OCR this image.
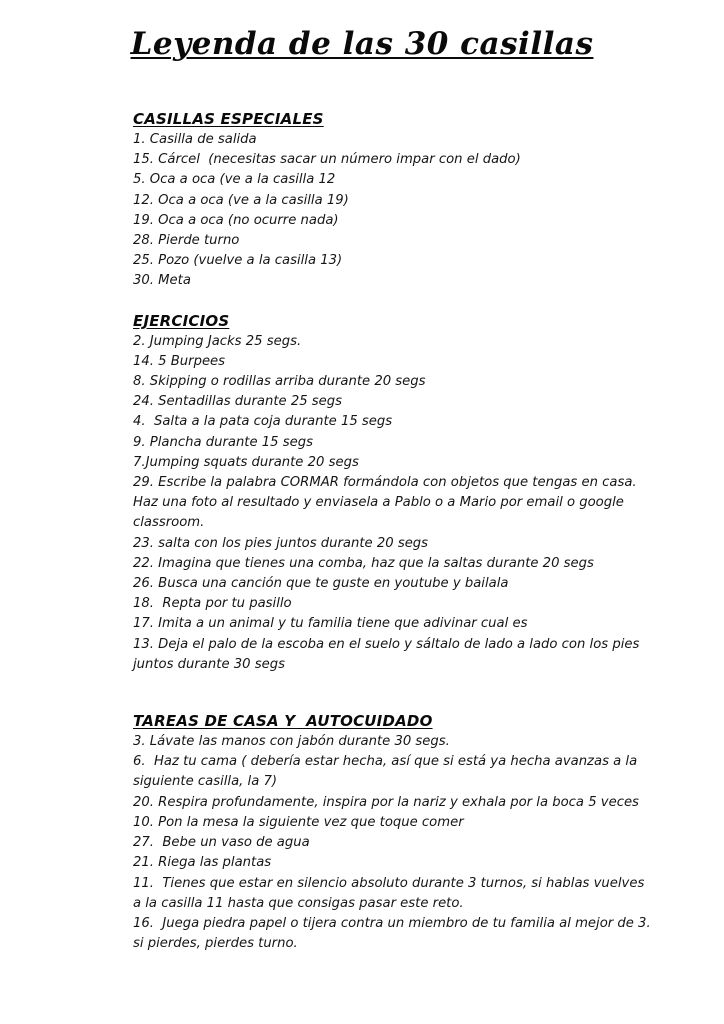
Leyenda de las 30 casillas
CASILLAS ESPECIALES

1. Casilla de salida

15. Cárcel  (necesitas sacar un número impar con el dado)

5. Oca a oca (ve a la casilla 12

12. Oca a oca (ve a la casilla 19)

19. Oca a oca (no ocurre nada)

28. Pierde turno

25. Pozo (vuelve a la casilla 13)

30. Meta

EJERCICIOS

2. Jumping Jacks 25 segs.

14. 5 Burpees

8. Skipping o rodillas arriba durante 20 segs

24. Sentadillas durante 25 segs

4.  Salta a la pata coja durante 15 segs

9. Plancha durante 15 segs

7.Jumping squats durante 20 segs

29. Escribe la palabra CORMAR formándola con objetos que tengas en casa. Haz una foto al resultado y enviasela a Pablo o a Mario por email o google classroom.

23. salta con los pies juntos durante 20 segs

22. Imagina que tienes una comba, haz que la saltas durante 20 segs

26. Busca una canción que te guste en youtube y bailala

18.  Repta por tu pasillo

17. Imita a un animal y tu familia tiene que adivinar cual es

13. Deja el palo de la escoba en el suelo y sáltalo de lado a lado con los pies juntos durante 30 segs

TAREAS DE CASA Y  AUTOCUIDADO

3. Lávate las manos con jabón durante 30 segs.

6.  Haz tu cama ( debería estar hecha, así que si está ya hecha avanzas a la siguiente casilla, la 7)

20. Respira profundamente, inspira por la nariz y exhala por la boca 5 veces

10. Pon la mesa la siguiente vez que toque comer

27.  Bebe un vaso de agua

21. Riega las plantas

11.  Tienes que estar en silencio absoluto durante 3 turnos, si hablas vuelves a la casilla 11 hasta que consigas pasar este reto.

16.  Juega piedra papel o tijera contra un miembro de tu familia al mejor de 3. si pierdes, pierdes turno.
